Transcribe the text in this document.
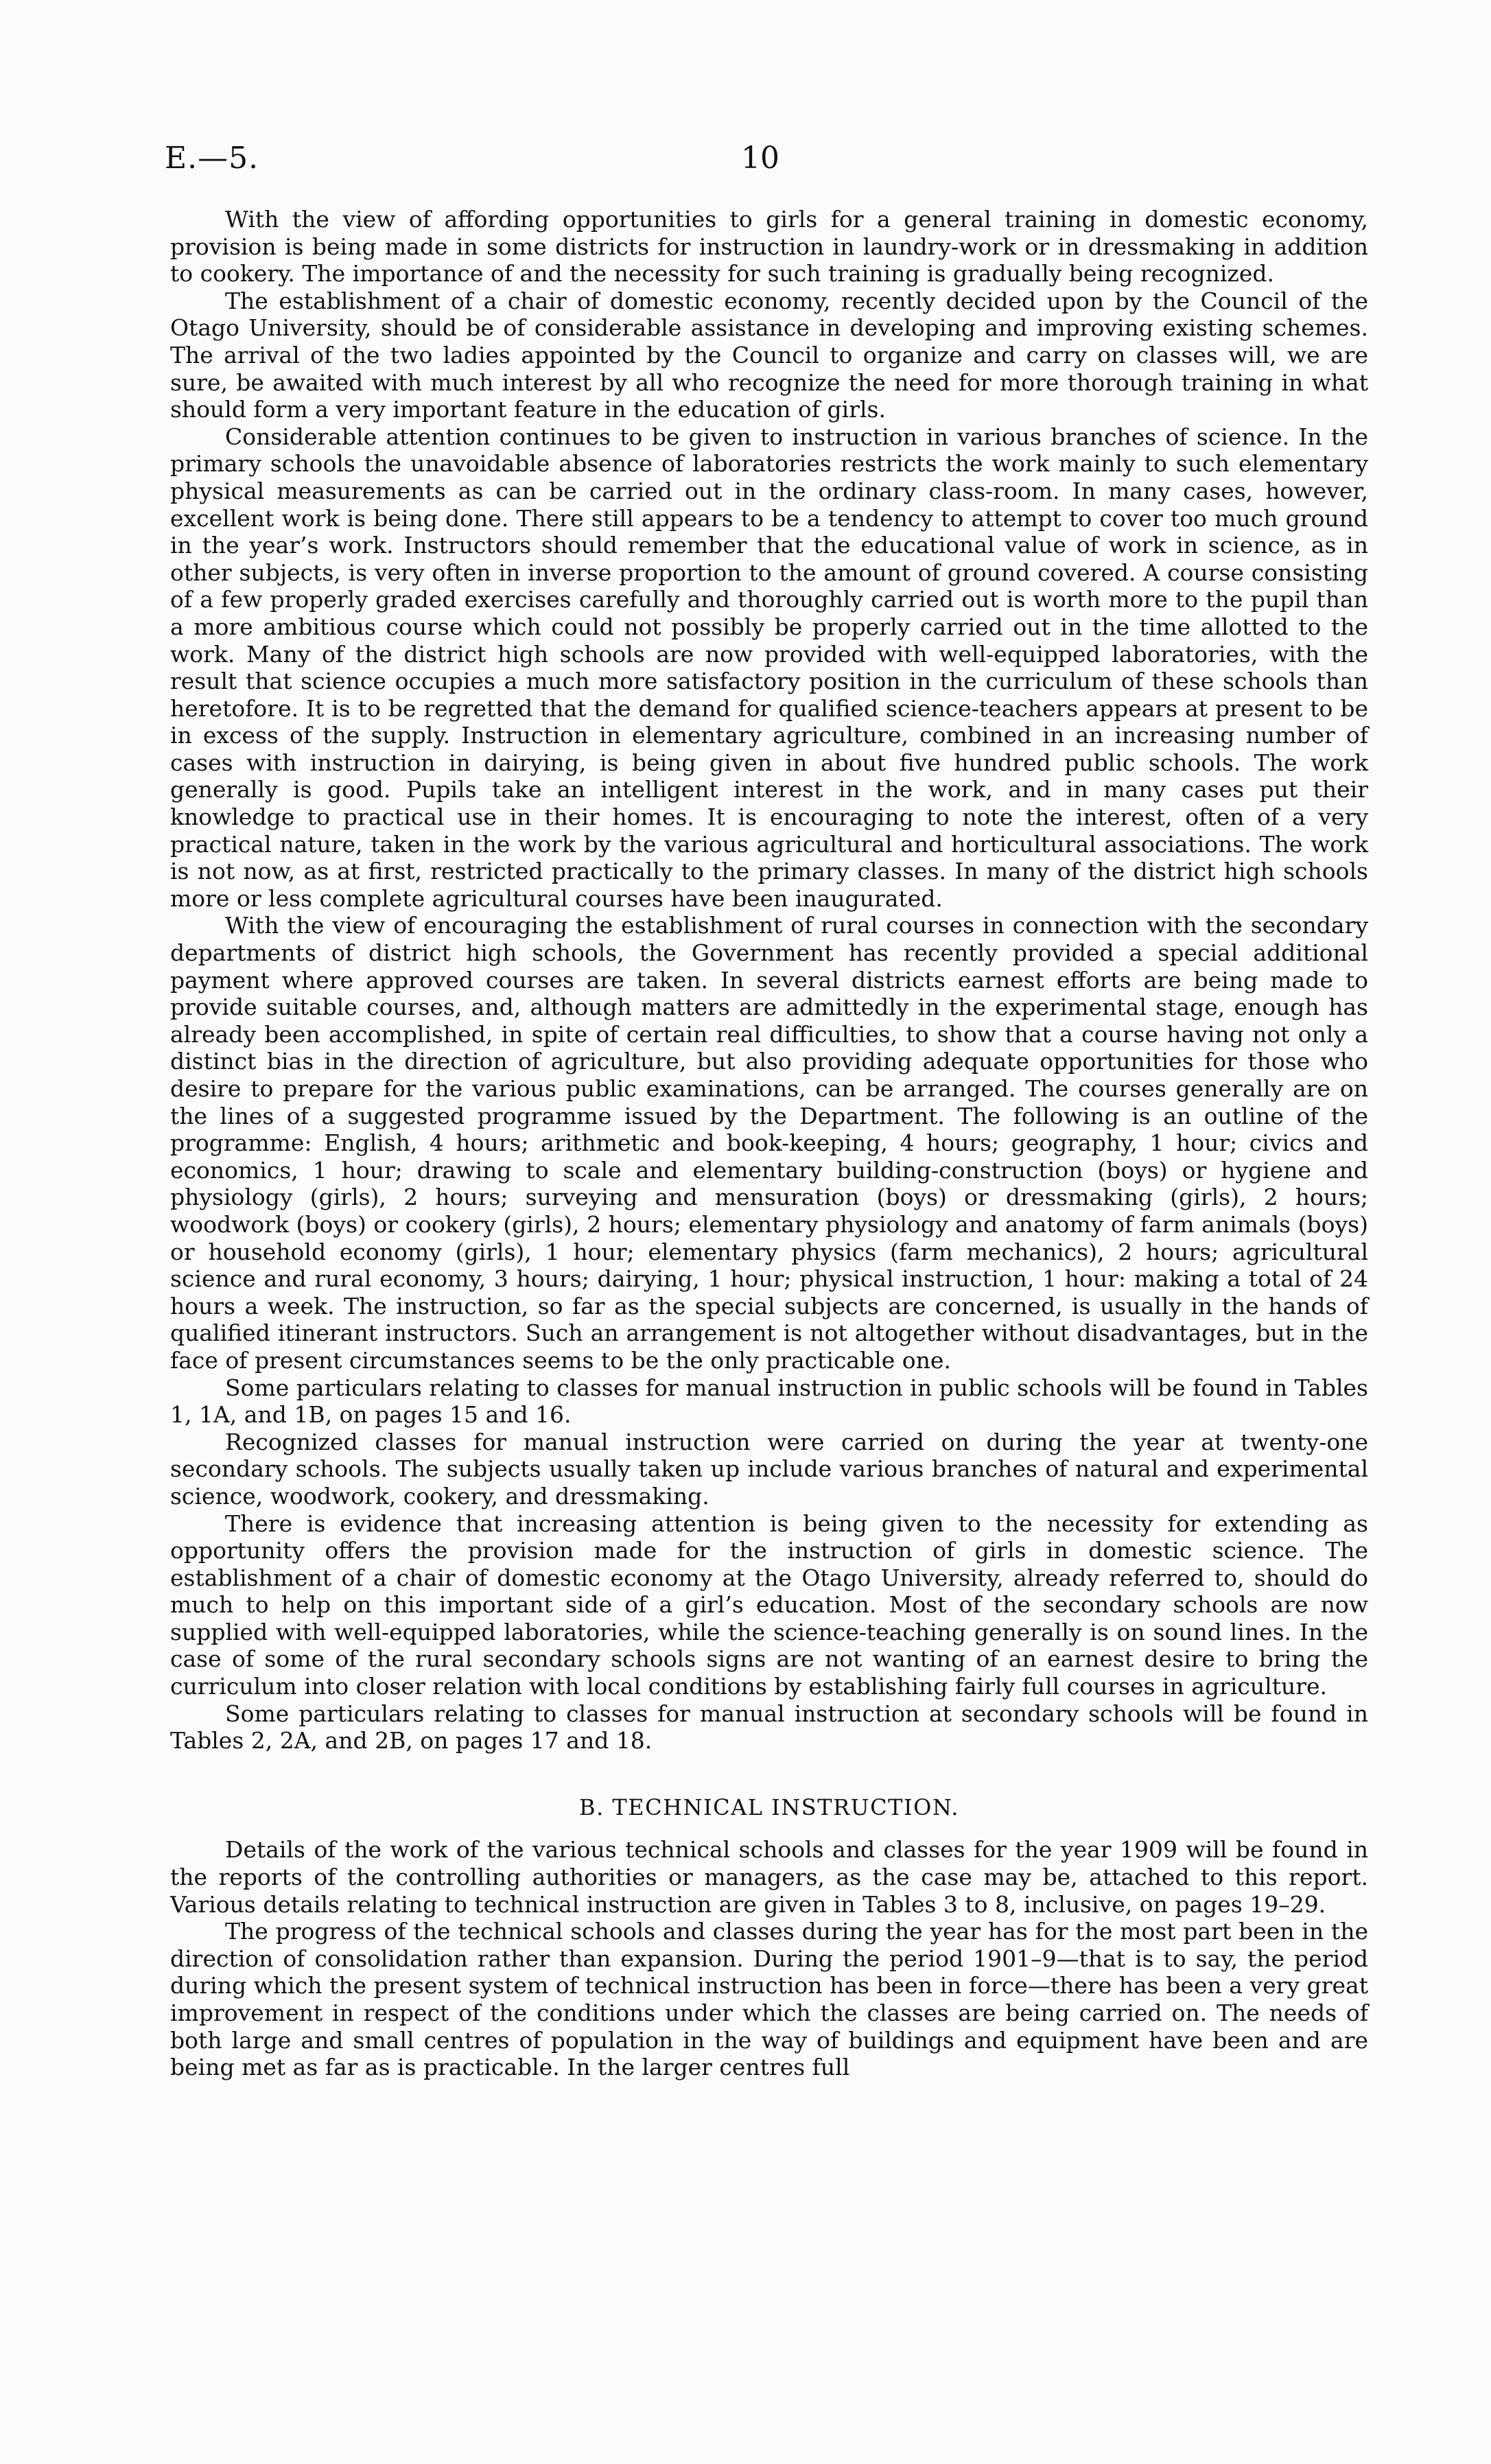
E.—5.	10

With the view of affording opportunities to girls for a general training in domestic economy, provision is being made in some districts for instruction in laundry-work or in dressmaking in addition to cookery. The importance of and the necessity for such training is gradually being recognized.

The establishment of a chair of domestic economy, recently decided upon by the Council of the Otago University, should be of considerable assistance in developing and improving existing schemes. The arrival of the two ladies appointed by the Council to organize and carry on classes will, we are sure, be awaited with much interest by all who recognize the need for more thorough training in what should form a very important feature in the education of girls.

Considerable attention continues to be given to instruction in various branches of science. In the primary schools the unavoidable absence of laboratories restricts the work mainly to such elementary physical measurements as can be carried out in the ordinary class-room. In many cases, however, excellent work is being done. There still appears to be a tendency to attempt to cover too much ground in the year’s work. Instructors should remember that the educational value of work in science, as in other subjects, is very often in inverse proportion to the amount of ground covered. A course consisting of a few properly graded exercises carefully and thoroughly carried out is worth more to the pupil than a more ambitious course which could not possibly be properly carried out in the time allotted to the work. Many of the district high schools are now provided with well-equipped laboratories, with the result that science occupies a much more satisfactory position in the curriculum of these schools than heretofore. It is to be regretted that the demand for qualified science-teachers appears at present to be in excess of the supply. Instruction in elementary agriculture, combined in an increasing number of cases with instruction in dairying, is being given in about five hundred public schools. The work generally is good. Pupils take an intelligent interest in the work, and in many cases put their knowledge to practical use in their homes. It is encouraging to note the interest, often of a very practical nature, taken in the work by the various agricultural and horticultural associations. The work is not now, as at first, restricted practically to the primary classes. In many of the district high schools more or less complete agricultural courses have been inaugurated.

With the view of encouraging the establishment of rural courses in connection with the secondary departments of district high schools, the Government has recently provided a special additional payment where approved courses are taken. In several districts earnest efforts are being made to provide suitable courses, and, although matters are admittedly in the experimental stage, enough has already been accomplished, in spite of certain real difficulties, to show that a course having not only a distinct bias in the direction of agriculture, but also providing adequate opportunities for those who desire to prepare for the various public examinations, can be arranged. The courses generally are on the lines of a suggested programme issued by the Department. The following is an outline of the programme: English, 4 hours; arithmetic and book-keeping, 4 hours; geography, 1 hour; civics and economics, 1 hour; drawing to scale and elementary building-construction (boys) or hygiene and physiology (girls), 2 hours; surveying and mensuration (boys) or dressmaking (girls), 2 hours; woodwork (boys) or cookery (girls), 2 hours; elementary physiology and anatomy of farm animals (boys) or household economy (girls), 1 hour; elementary physics (farm mechanics), 2 hours; agricultural science and rural economy, 3 hours; dairying, 1 hour; physical instruction, 1 hour: making a total of 24 hours a week. The instruction, so far as the special subjects are concerned, is usually in the hands of qualified itinerant instructors. Such an arrangement is not altogether without disadvantages, but in the face of present circumstances seems to be the only practicable one.

Some particulars relating to classes for manual instruction in public schools will be found in Tables 1, 1A, and 1B, on pages 15 and 16.

Recognized classes for manual instruction were carried on during the year at twenty-one secondary schools. The subjects usually taken up include various branches of natural and experimental science, woodwork, cookery, and dressmaking.

There is evidence that increasing attention is being given to the necessity for extending as opportunity offers the provision made for the instruction of girls in domestic science. The establishment of a chair of domestic economy at the Otago University, already referred to, should do much to help on this important side of a girl’s education. Most of the secondary schools are now supplied with well-equipped laboratories, while the science-teaching generally is on sound lines. In the case of some of the rural secondary schools signs are not wanting of an earnest desire to bring the curriculum into closer relation with local conditions by establishing fairly full courses in agriculture.

Some particulars relating to classes for manual instruction at secondary schools will be found in Tables 2, 2A, and 2B, on pages 17 and 18.

B. TECHNICAL INSTRUCTION.

Details of the work of the various technical schools and classes for the year 1909 will be found in the reports of the controlling authorities or managers, as the case may be, attached to this report. Various details relating to technical instruction are given in Tables 3 to 8, inclusive, on pages 19–29.

The progress of the technical schools and classes during the year has for the most part been in the direction of consolidation rather than expansion. During the period 1901–9—that is to say, the period during which the present system of technical instruction has been in force—there has been a very great improvement in respect of the conditions under which the classes are being carried on. The needs of both large and small centres of population in the way of buildings and equipment have been and are being met as far as is practicable. In the larger centres full
